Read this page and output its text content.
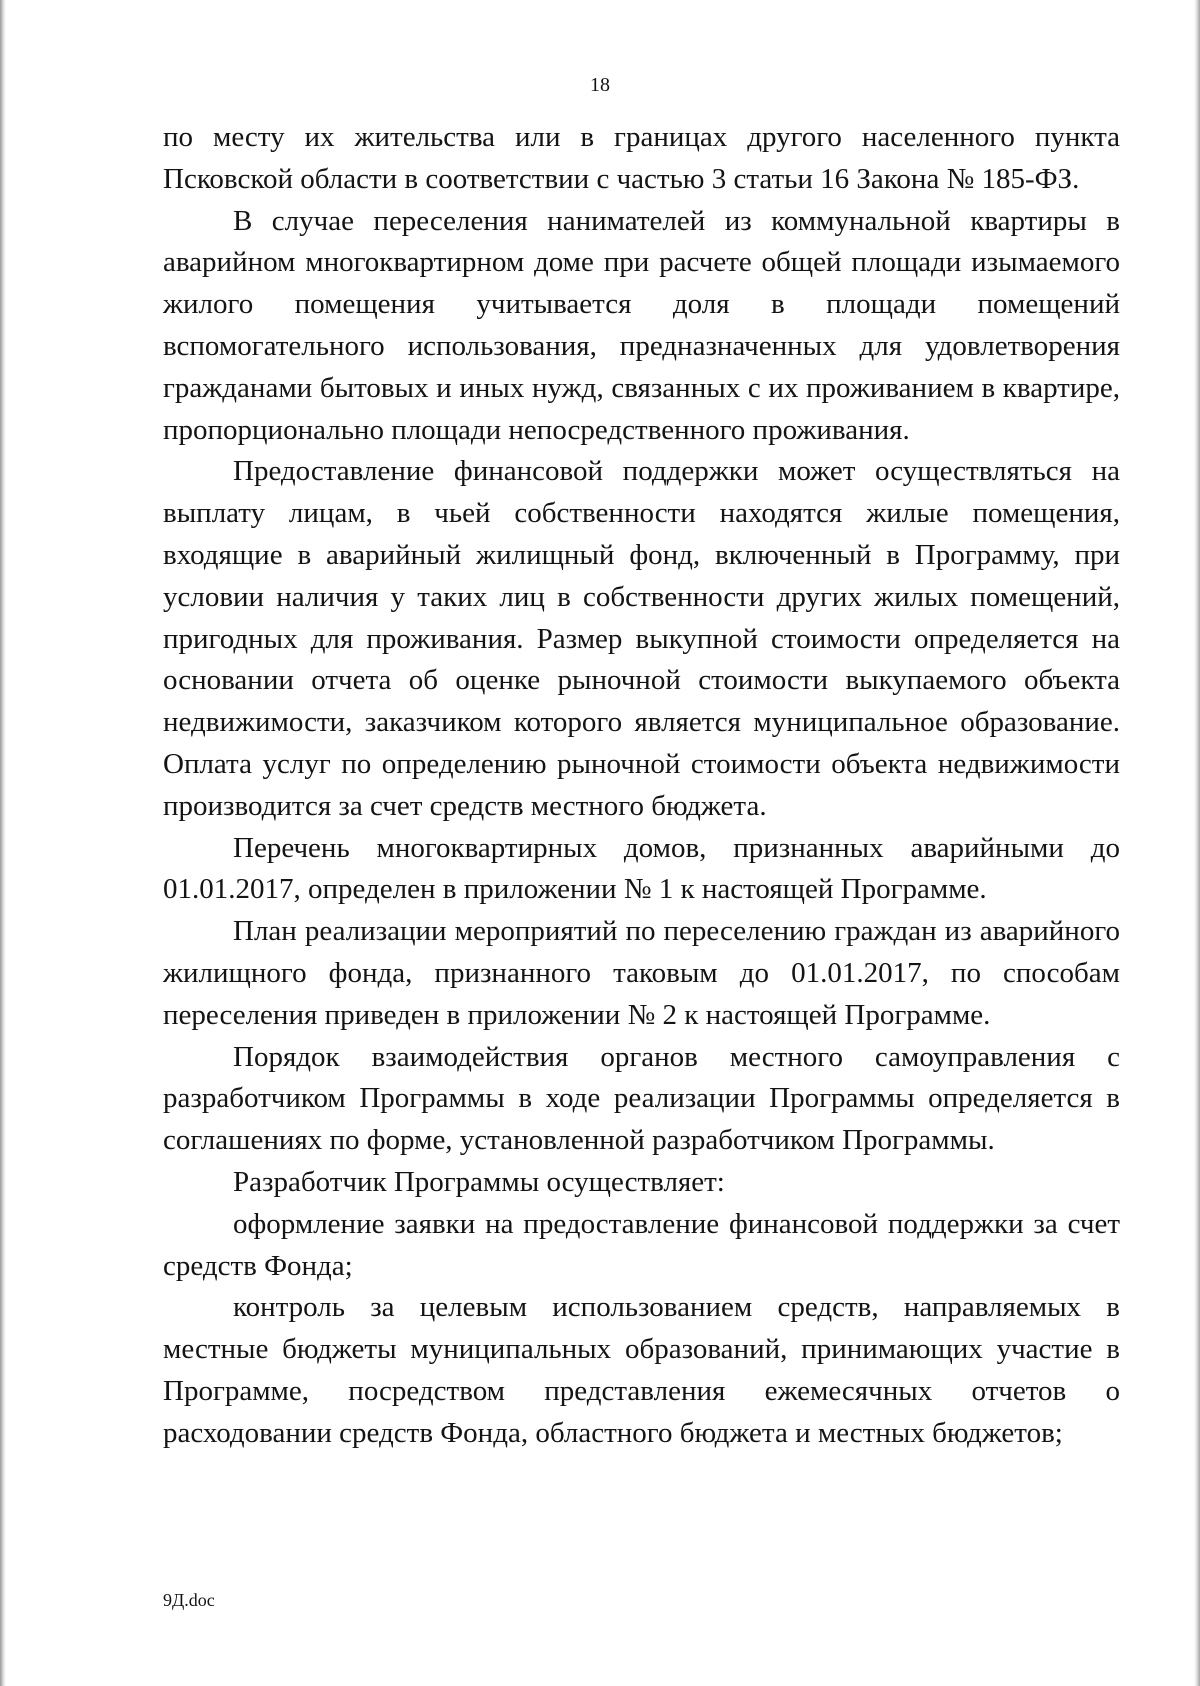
18

по месту их жительства или в границах другого населенного пункта Псковской области в соответствии с частью 3 статьи 16 Закона № 185-ФЗ.

В случае переселения нанимателей из коммунальной квартиры в аварийном многоквартирном доме при расчете общей площади изымаемого жилого помещения учитывается доля в площади помещений вспомогательного использования, предназначенных для удовлетворения гражданами бытовых и иных нужд, связанных с их проживанием в квартире, пропорционально площади непосредственного проживания.

Предоставление финансовой поддержки может осуществляться на выплату лицам, в чьей собственности находятся жилые помещения, входящие в аварийный жилищный фонд, включенный в Программу, при условии наличия у таких лиц в собственности других жилых помещений, пригодных для проживания. Размер выкупной стоимости определяется на основании отчета об оценке рыночной стоимости выкупаемого объекта недвижимости, заказчиком которого является муниципальное образование. Оплата услуг по определению рыночной стоимости объекта недвижимости производится за счет средств местного бюджета.

Перечень многоквартирных домов, признанных аварийными до 01.01.2017, определен в приложении № 1 к настоящей Программе.

План реализации мероприятий по переселению граждан из аварийного жилищного фонда, признанного таковым до 01.01.2017, по способам переселения приведен в приложении № 2 к настоящей Программе.

Порядок взаимодействия органов местного самоуправления с разработчиком Программы в ходе реализации Программы определяется в соглашениях по форме, установленной разработчиком Программы.

Разработчик Программы осуществляет:

оформление заявки на предоставление финансовой поддержки за счет средств Фонда;

контроль за целевым использованием средств, направляемых в местные бюджеты муниципальных образований, принимающих участие в Программе, посредством представления ежемесячных отчетов о расходовании средств Фонда, областного бюджета и местных бюджетов;

9Д.doc
